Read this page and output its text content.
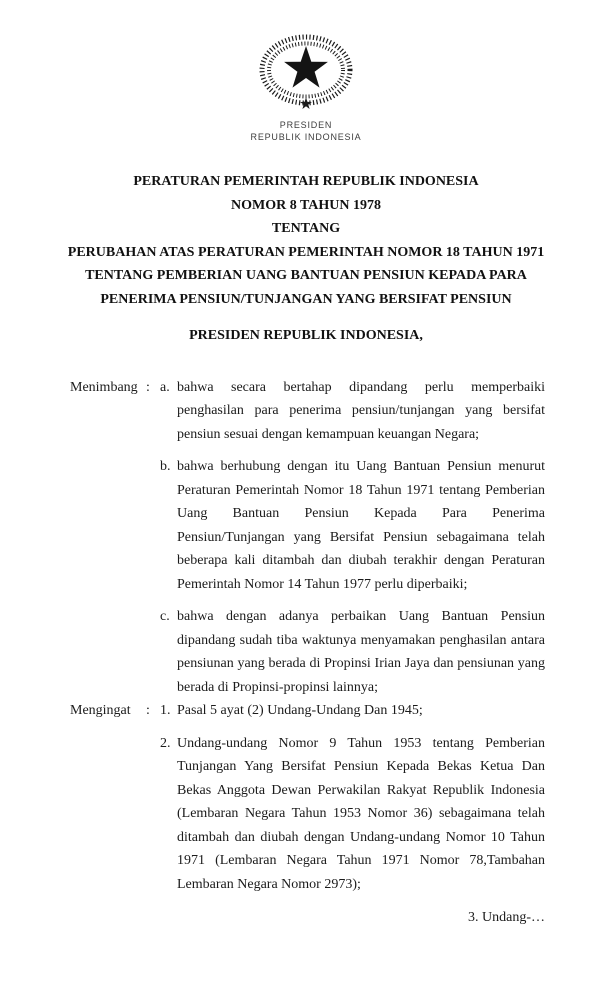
PRESIDEN
REPUBLIK INDONESIA
PERATURAN PEMERINTAH REPUBLIK INDONESIA
NOMOR 8 TAHUN 1978
TENTANG
PERUBAHAN ATAS PERATURAN PEMERINTAH NOMOR 18 TAHUN 1971
TENTANG PEMBERIAN UANG BANTUAN PENSIUN KEPADA PARA
PENERIMA PENSIUN/TUNJANGAN YANG BERSIFAT PENSIUN
PRESIDEN REPUBLIK INDONESIA,
Menimbang : a. bahwa secara bertahap dipandang perlu memperbaiki penghasilan para penerima pensiun/tunjangan yang bersifat pensiun sesuai dengan kemampuan keuangan Negara;
b. bahwa berhubung dengan itu Uang Bantuan Pensiun menurut Peraturan Pemerintah Nomor 18 Tahun 1971 tentang Pemberian Uang Bantuan Pensiun Kepada Para Penerima Pensiun/Tunjangan yang Bersifat Pensiun sebagaimana telah beberapa kali ditambah dan diubah terakhir dengan Peraturan Pemerintah Nomor 14 Tahun 1977 perlu diperbaiki;
c. bahwa dengan adanya perbaikan Uang Bantuan Pensiun dipandang sudah tiba waktunya menyamakan penghasilan antara pensiunan yang berada di Propinsi Irian Jaya dan pensiunan yang berada di Propinsi-propinsi lainnya;
Mengingat	: 1. Pasal 5 ayat (2) Undang-Undang Dan 1945;
2. Undang-undang Nomor 9 Tahun 1953 tentang Pemberian Tunjangan Yang Bersifat Pensiun Kepada Bekas Ketua Dan Bekas Anggota Dewan Perwakilan Rakyat Republik Indonesia (Lembaran Negara Tahun 1953 Nomor 36) sebagaimana telah ditambah dan diubah dengan Undang-undang Nomor 10 Tahun 1971 (Lembaran Negara Tahun 1971 Nomor 78,Tambahan Lembaran Negara Nomor 2973);
3. Undang-…
